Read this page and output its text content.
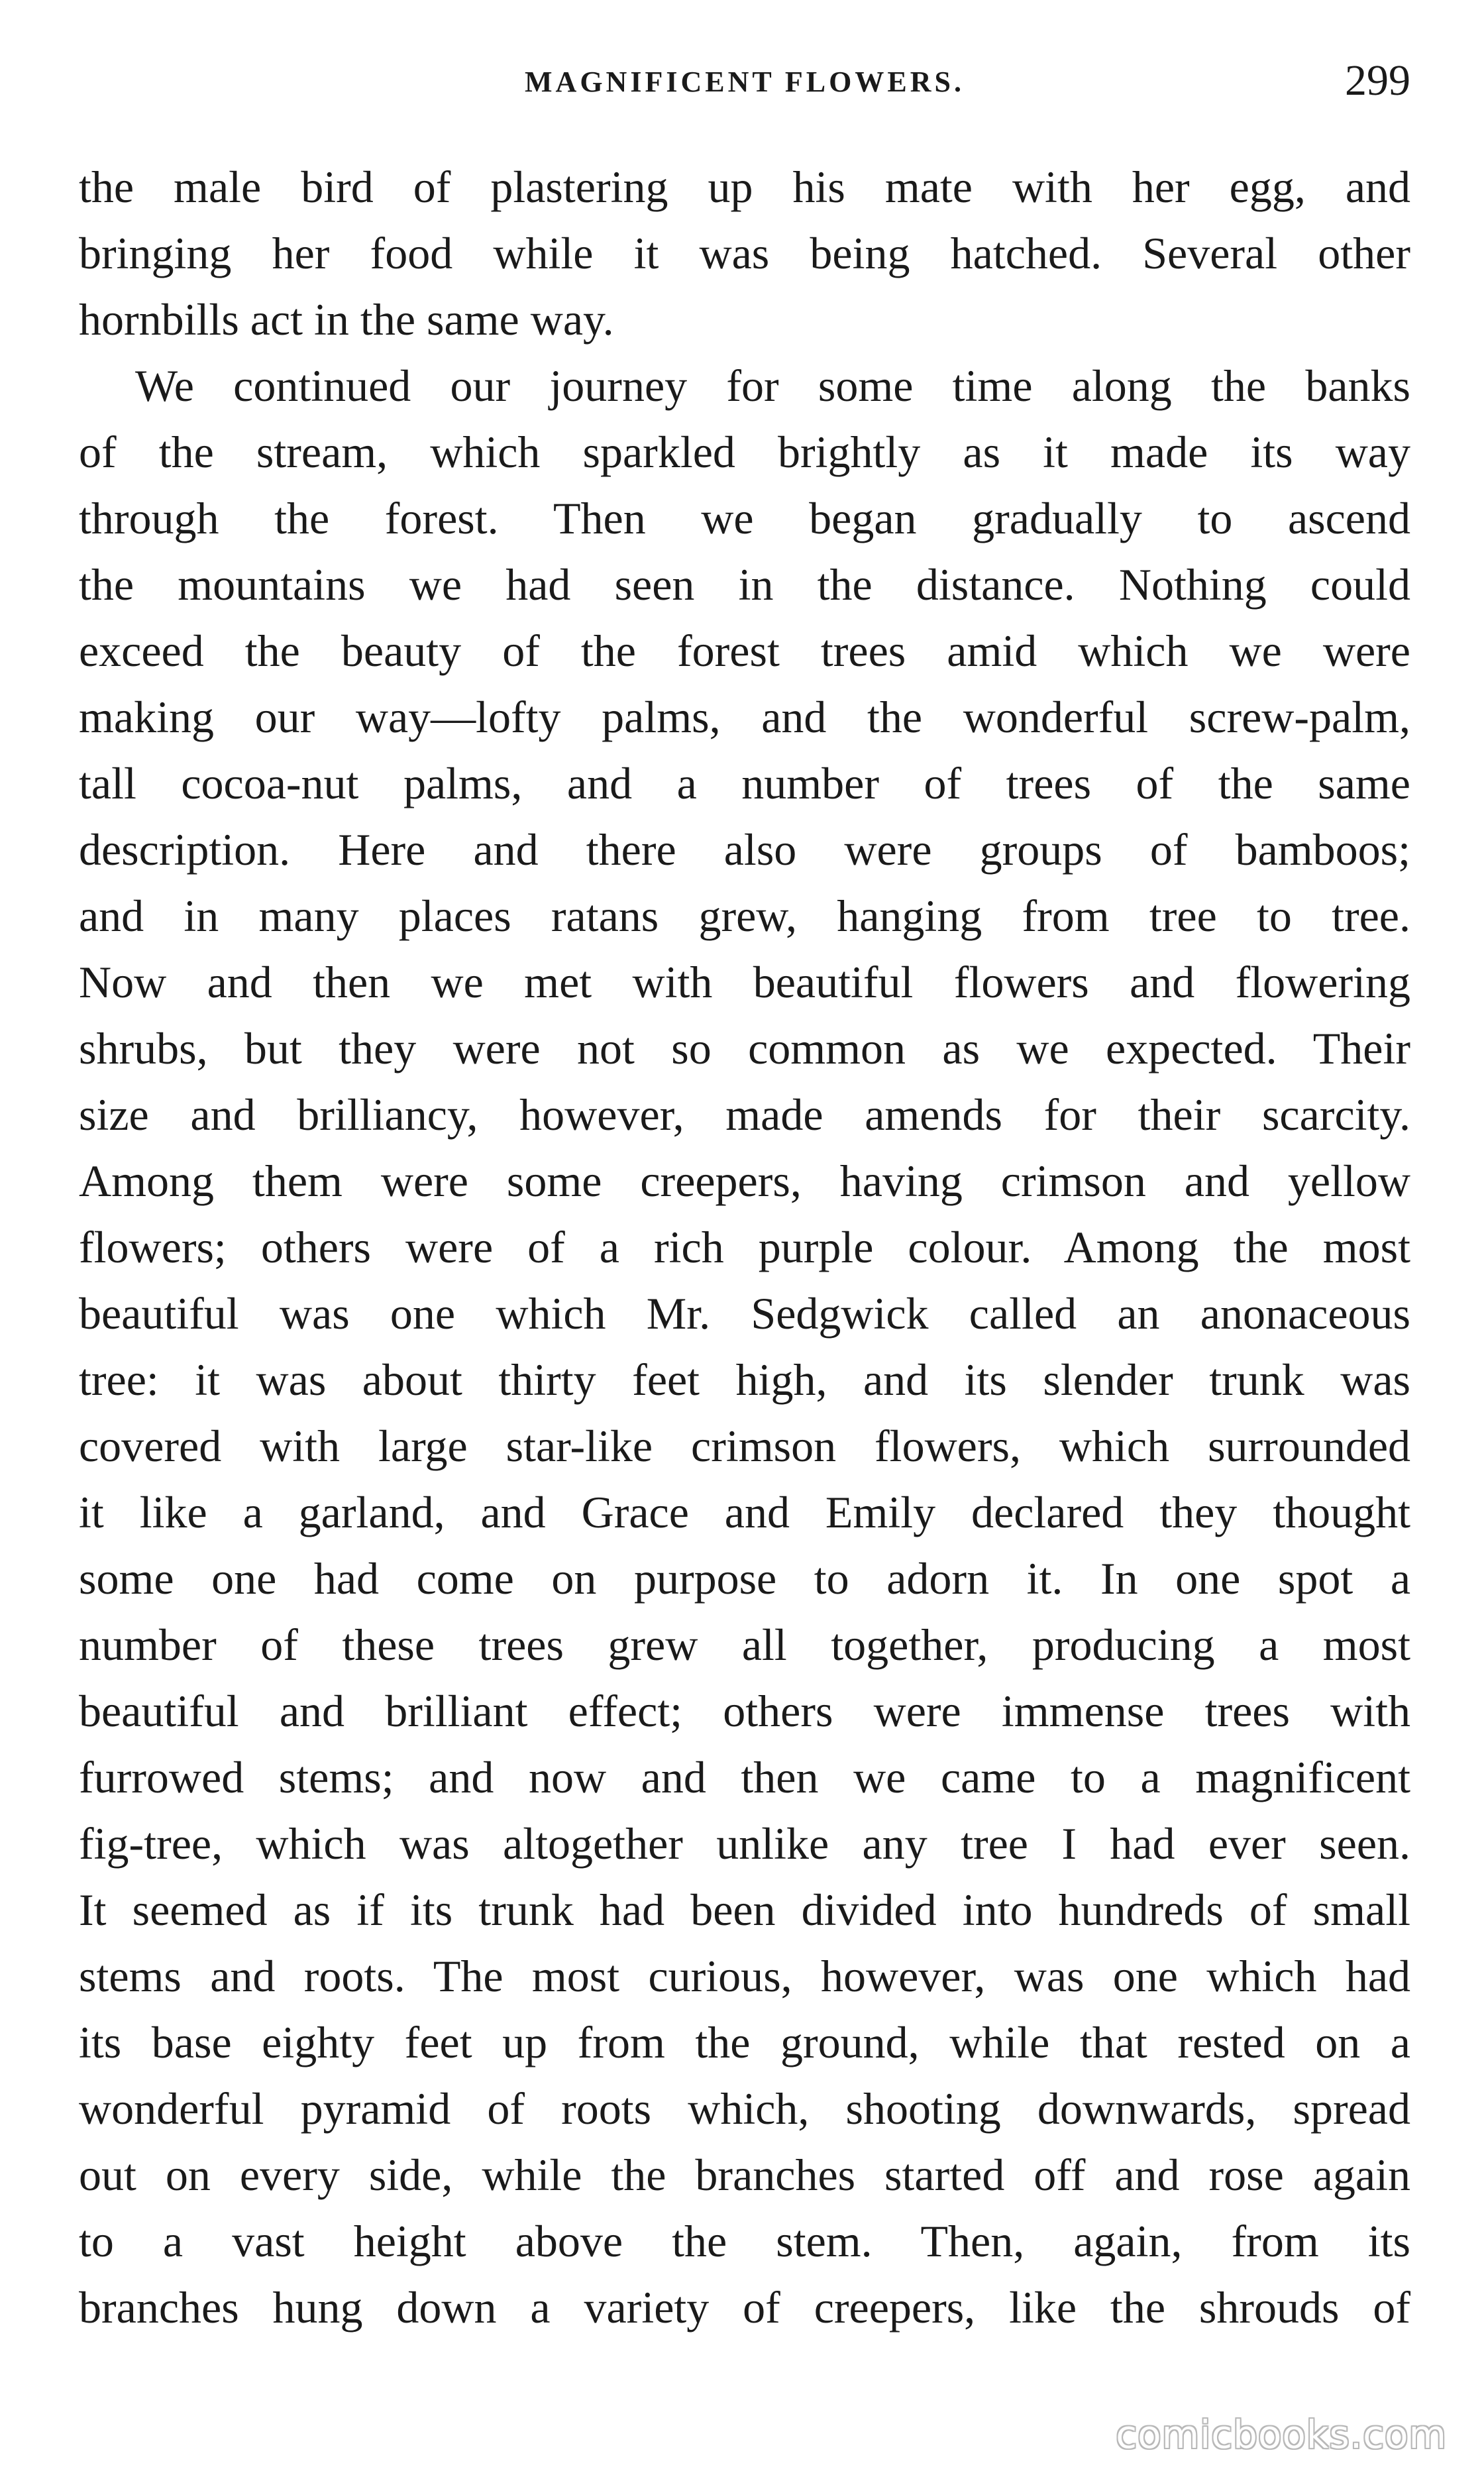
MAGNIFICENT FLOWERS.	299
the male bird of plastering up his mate with her egg, and
bringing her food while it was being hatched. Several other
hornbills act in the same way.
We continued our journey for some time along the banks
of the stream, which sparkled brightly as it made its way
through the forest. Then we began gradually to ascend
the mountains we had seen in the distance. Nothing could
exceed the beauty of the forest trees amid which we were
making our way—lofty palms, and the wonderful screw-palm,
tall cocoa-nut palms, and a number of trees of the same
description. Here and there also were groups of bamboos;
and in many places ratans grew, hanging from tree to tree.
Now and then we met with beautiful flowers and flowering
shrubs, but they were not so common as we expected. Their
size and brilliancy, however, made amends for their scarcity.
Among them were some creepers, having crimson and yellow
flowers; others were of a rich purple colour. Among the most
beautiful was one which Mr. Sedgwick called an anonaceous
tree: it was about thirty feet high, and its slender trunk was
covered with large star-like crimson flowers, which surrounded
it like a garland, and Grace and Emily declared they thought
some one had come on purpose to adorn it. In one spot a
number of these trees grew all together, producing a most
beautiful and brilliant effect; others were immense trees with
furrowed stems; and now and then we came to a magnificent
fig-tree, which was altogether unlike any tree I had ever seen.
It seemed as if its trunk had been divided into hundreds of small
stems and roots. The most curious, however, was one which had
its base eighty feet up from the ground, while that rested on a
wonderful pyramid of roots which, shooting downwards, spread
out on every side, while the branches started off and rose again
to a vast height above the stem. Then, again, from its
branches hung down a variety of creepers, like the shrouds of
comicbooks.com
